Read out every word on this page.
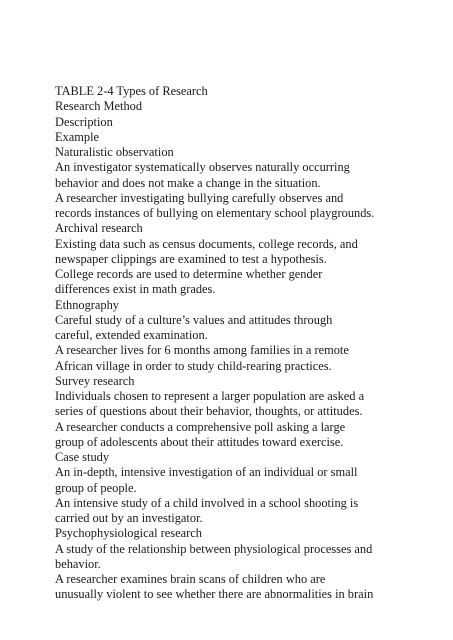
TABLE 2-4 Types of Research
Research Method
Description
Example
Naturalistic observation
An investigator systematically observes naturally occurring
behavior and does not make a change in the situation.
A researcher investigating bullying carefully observes and
records instances of bullying on elementary school playgrounds.
Archival research
Existing data such as census documents, college records, and
newspaper clippings are examined to test a hypothesis.
College records are used to determine whether gender
differences exist in math grades.
Ethnography
Careful study of a culture’s values and attitudes through
careful, extended examination.
A researcher lives for 6 months among families in a remote
African village in order to study child-rearing practices.
Survey research
Individuals chosen to represent a larger population are asked a
series of questions about their behavior, thoughts, or attitudes.
A researcher conducts a comprehensive poll asking a large
group of adolescents about their attitudes toward exercise.
Case study
An in-depth, intensive investigation of an individual or small
group of people.
An intensive study of a child involved in a school shooting is
carried out by an investigator.
Psychophysiological research
A study of the relationship between physiological processes and
behavior.
A researcher examines brain scans of children who are
unusually violent to see whether there are abnormalities in brain
